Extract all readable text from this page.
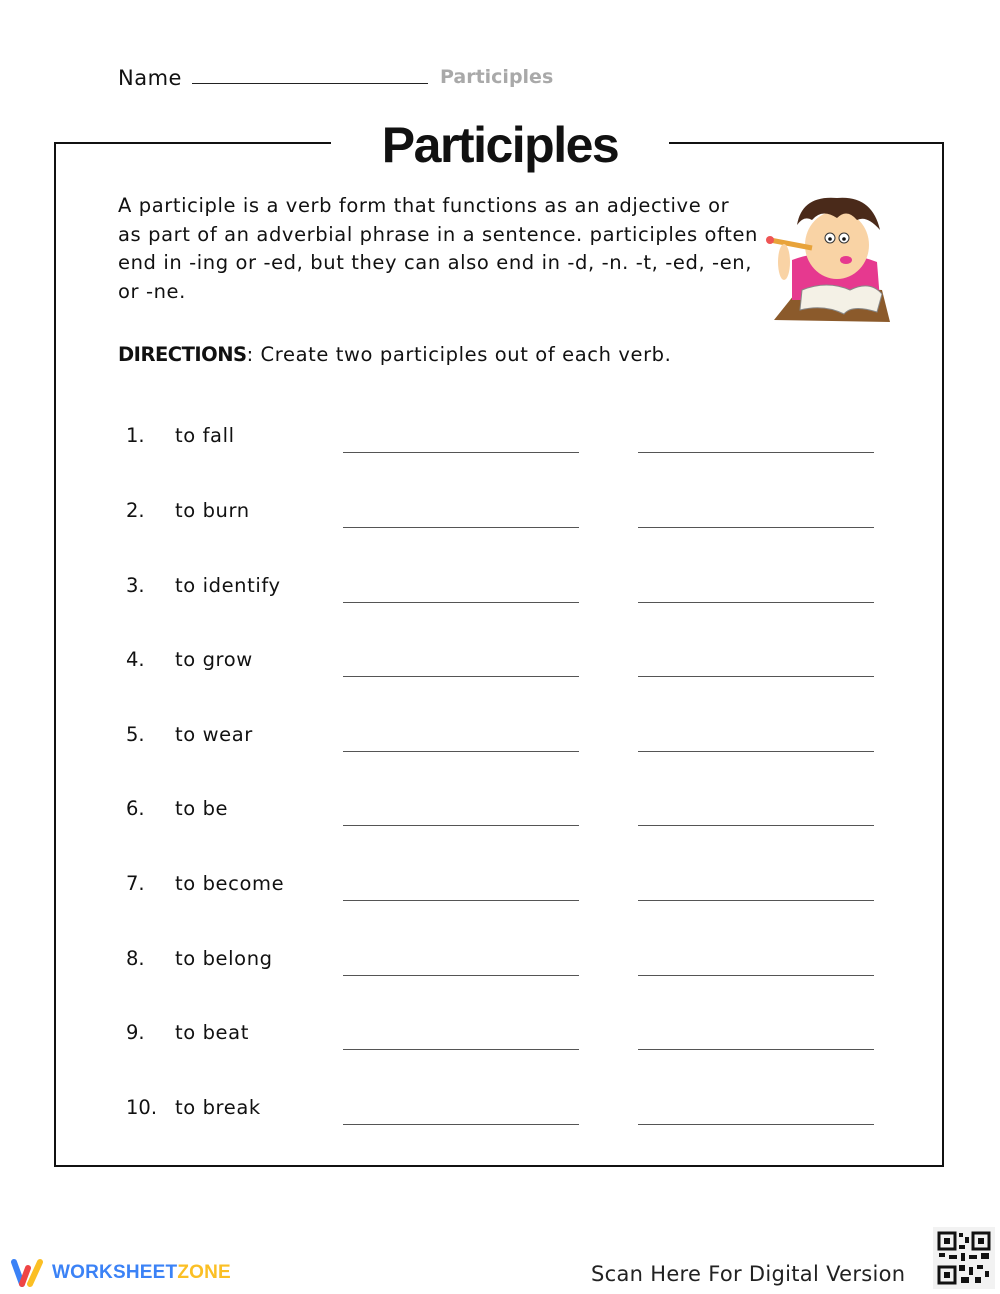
Name	Participles
Participles
A participle is a verb form that functions as an adjective or as part of an adverbial phrase in a sentence. participles often end in -ing or -ed, but they can also end in -d, -n. -t, -ed, -en, or -ne.
DIRECTIONS: Create two participles out of each verb.
1. to fall
2. to burn
3. to identify
4. to grow
5. to wear
6. to be
7. to become
8. to belong
9. to beat
10. to break
WORKSHEETZONE	Scan Here For Digital Version
